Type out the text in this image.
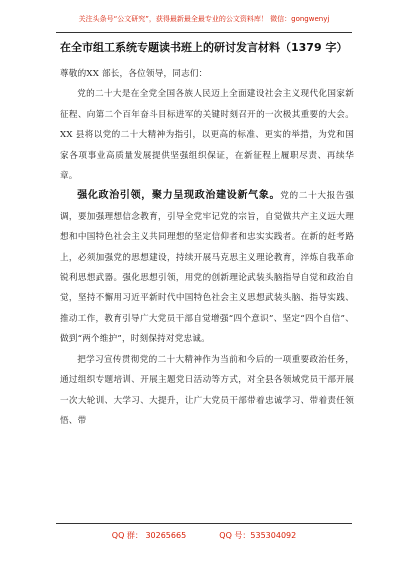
关注头条号“公文研究”，获得最新最全最专业的公文资料库！ 微信：gongwenyj
在全市组工系统专题读书班上的研讨发言材料（1379 字）

尊敬的XX 部长，各位领导，同志们：

党的二十大是在全党全国各族人民迈上全面建设社会主义现代化国家新征程、向第二个百年奋斗目标进军的关键时刻召开的一次极其重要的大会。XX 县将以党的二十大精神为指引，以更高的标准、更实的举措，为党和国家各项事业高质量发展提供坚强组织保证，在新征程上履职尽责、再续华章。

强化政治引领，聚力呈现政治建设新气象。党的二十大报告强调，要加强理想信念教育，引导全党牢记党的宗旨，自觉做共产主义远大理想和中国特色社会主义共同理想的坚定信仰者和忠实实践者。在新的赶考路上，必须加强党的思想建设，持续开展马克思主义理论教育，淬炼自我革命锐利思想武器。强化思想引领，用党的创新理论武装头脑指导自觉和政治自觉，坚持不懈用习近平新时代中国特色社会主义思想武装头脑、指导实践、推动工作，教育引导广大党员干部自觉增强“四个意识”、坚定“四个自信”、做到“两个维护”，时刻保持对党忠诚。

把学习宣传贯彻党的二十大精神作为当前和今后的一项重要政治任务，通过组织专题培训、开展主题党日活动等方式，对全县各领域党员干部开展一次大轮训、大学习、大提升，让广大党员干部带着忠诚学习、带着责任领悟、带

QQ 群： 30265665	QQ 号：535304092
